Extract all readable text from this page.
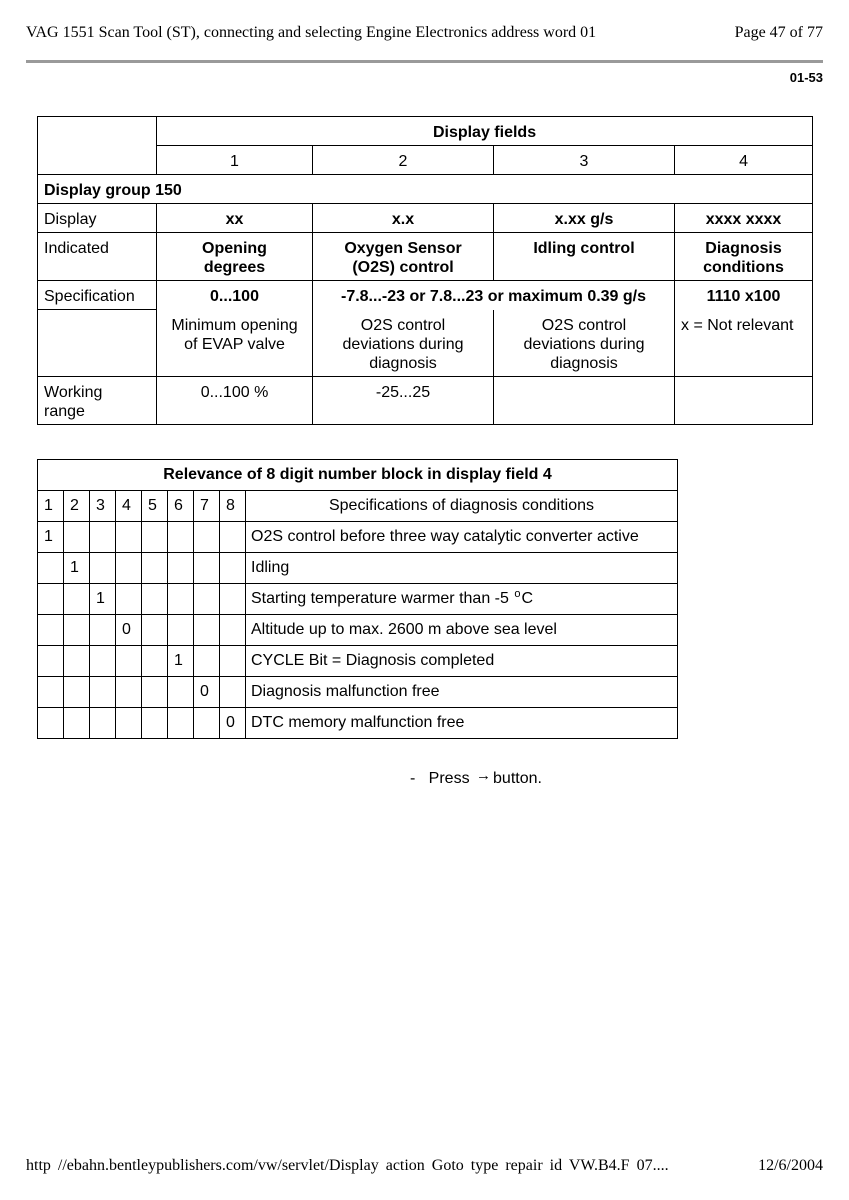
VAG 1551 Scan Tool (ST), connecting and selecting Engine Electronics address word 01	Page 47 of 77
01-53
	Display fields			
	1	2	3	4
Display group 150				
Display	xx	x.x	x.xx g/s	xxxx xxxx
Indicated	Opening degrees	Oxygen Sensor (O2S) control	Idling control	Diagnosis conditions
Specification	0...100	-7.8...-23 or 7.8...23 or maximum 0.39 g/s		1110 x100
	Minimum opening of EVAP valve	O2S control deviations during diagnosis	O2S control deviations during diagnosis	x = Not relevant
Working range	0...100 %	-25...25		
Relevance of 8 digit number block in display field 4								
1	2	3	4	5	6	7	8	Specifications of diagnosis conditions
1								O2S control before three way catalytic converter active
	1							Idling
		1						Starting temperature warmer than -5 $^o$C
			0					Altitude up to max. 2600 m above sea level
					1			CYCLE Bit = Diagnosis completed
						0		Diagnosis malfunction free
							0	DTC memory malfunction free
- Press → button.
http //ebahn.bentleypublishers.com/vw/servlet/Display action Goto type repair id VW.B4.F 07....	12/6/2004
